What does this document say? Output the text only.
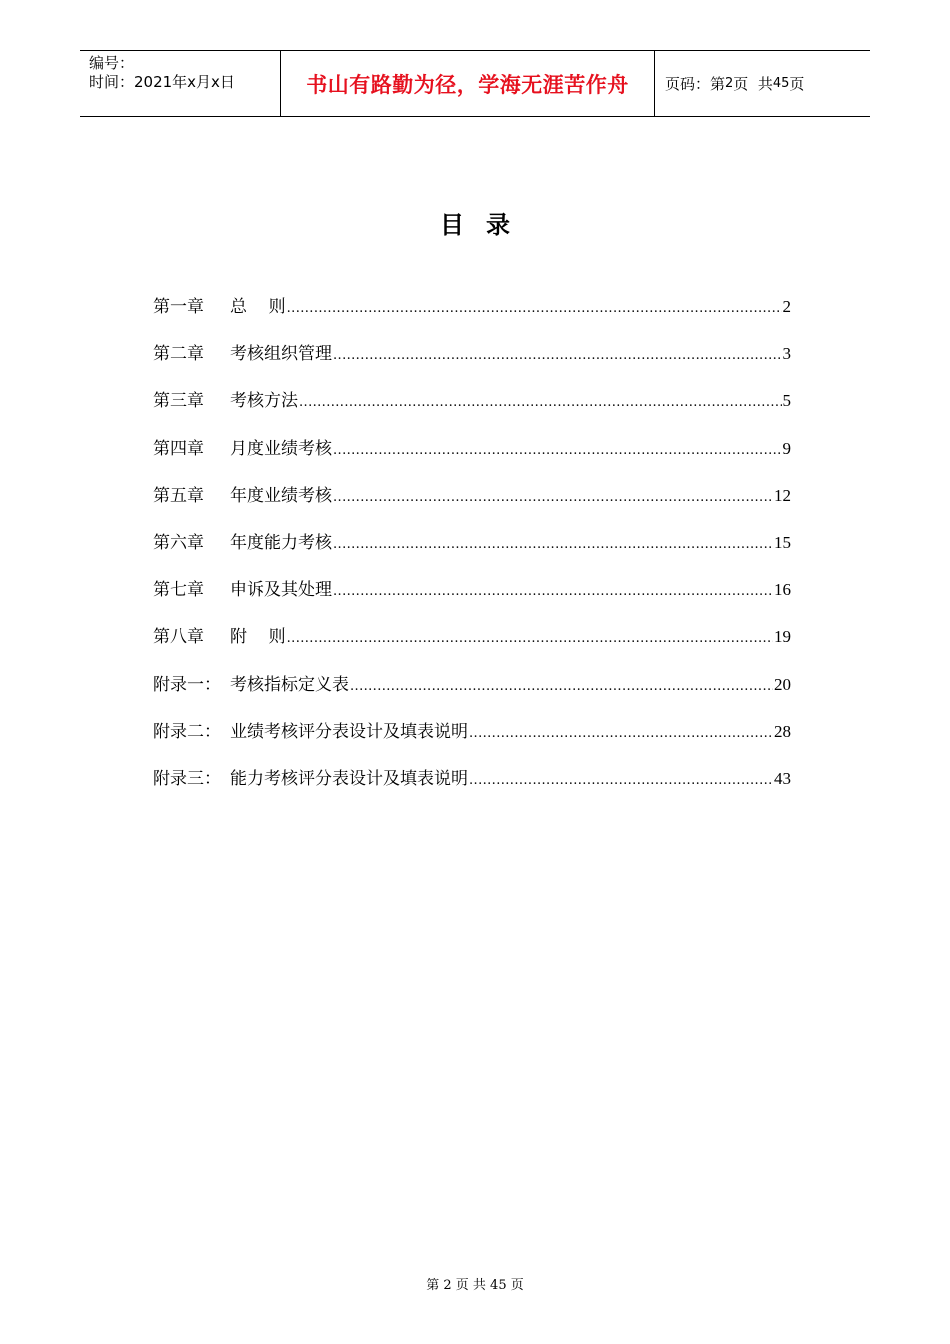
编号：
时间：2021年x月x日	书山有路勤为径，学海无涯苦作舟	页码：第 2 页  共 45 页
目录
第一章 总    则 .....	2
第二章 考核组织管理 .....	3
第三章 考核方法 .....	5
第四章 月度业绩考核 .....	9
第五章 年度业绩考核 .....	12
第六章 年度能力考核 .....	15
第七章 申诉及其处理 .....	16
第八章 附    则 .....	19
附录一： 考核指标定义表 .....	20
附录二： 业绩考核评分表设计及填表说明 .....	28
附录三： 能力考核评分表设计及填表说明 .....	43
第 2 页 共 45 页
